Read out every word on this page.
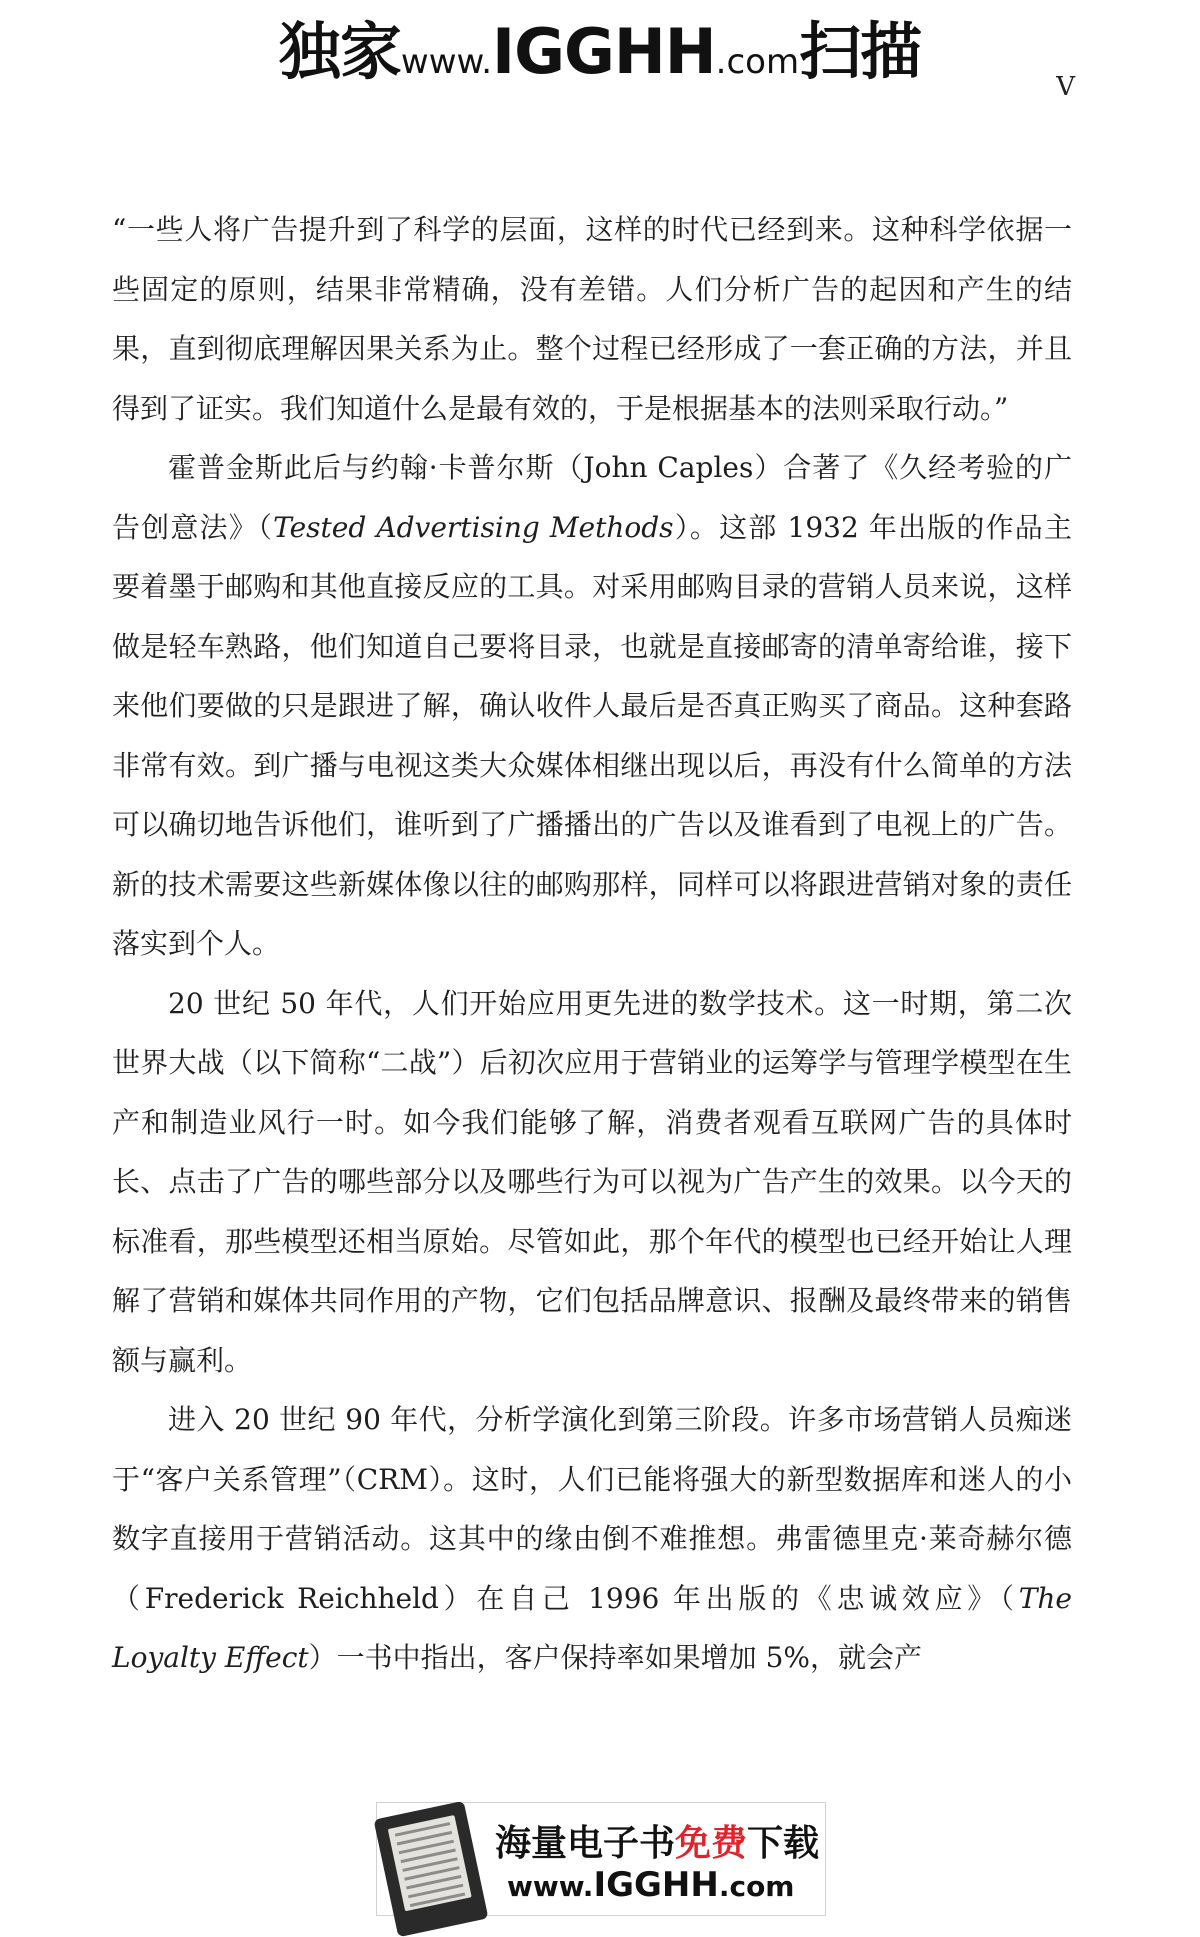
独家www.IGGHH.com扫描	V

“一些人将广告提升到了科学的层面，这样的时代已经到来。这种科学依据一些固定的原则，结果非常精确，没有差错。人们分析广告的起因和产生的结果，直到彻底理解因果关系为止。整个过程已经形成了一套正确的方法，并且得到了证实。我们知道什么是最有效的，于是根据基本的法则采取行动。”

霍普金斯此后与约翰·卡普尔斯（John Caples）合著了《久经考验的广告创意法》（Tested Advertising Methods）。这部 1932 年出版的作品主要着墨于邮购和其他直接反应的工具。对采用邮购目录的营销人员来说，这样做是轻车熟路，他们知道自己要将目录，也就是直接邮寄的清单寄给谁，接下来他们要做的只是跟进了解，确认收件人最后是否真正购买了商品。这种套路非常有效。到广播与电视这类大众媒体相继出现以后，再没有什么简单的方法可以确切地告诉他们，谁听到了广播播出的广告以及谁看到了电视上的广告。新的技术需要这些新媒体像以往的邮购那样，同样可以将跟进营销对象的责任落实到个人。

20 世纪 50 年代，人们开始应用更先进的数学技术。这一时期，第二次世界大战（以下简称“二战”）后初次应用于营销业的运筹学与管理学模型在生产和制造业风行一时。如今我们能够了解，消费者观看互联网广告的具体时长、点击了广告的哪些部分以及哪些行为可以视为广告产生的效果。以今天的标准看，那些模型还相当原始。尽管如此，那个年代的模型也已经开始让人理解了营销和媒体共同作用的产物，它们包括品牌意识、报酬及最终带来的销售额与赢利。

进入 20 世纪 90 年代，分析学演化到第三阶段。许多市场营销人员痴迷于“客户关系管理”（CRM）。这时，人们已能将强大的新型数据库和迷人的小数字直接用于营销活动。这其中的缘由倒不难推想。弗雷德里克·莱奇赫尔德（Frederick Reichheld）在自己 1996 年出版的《忠诚效应》（The Loyalty Effect）一书中指出，客户保持率如果增加 5%，就会产

海量电子书免费下载
www.IGGHH.com
